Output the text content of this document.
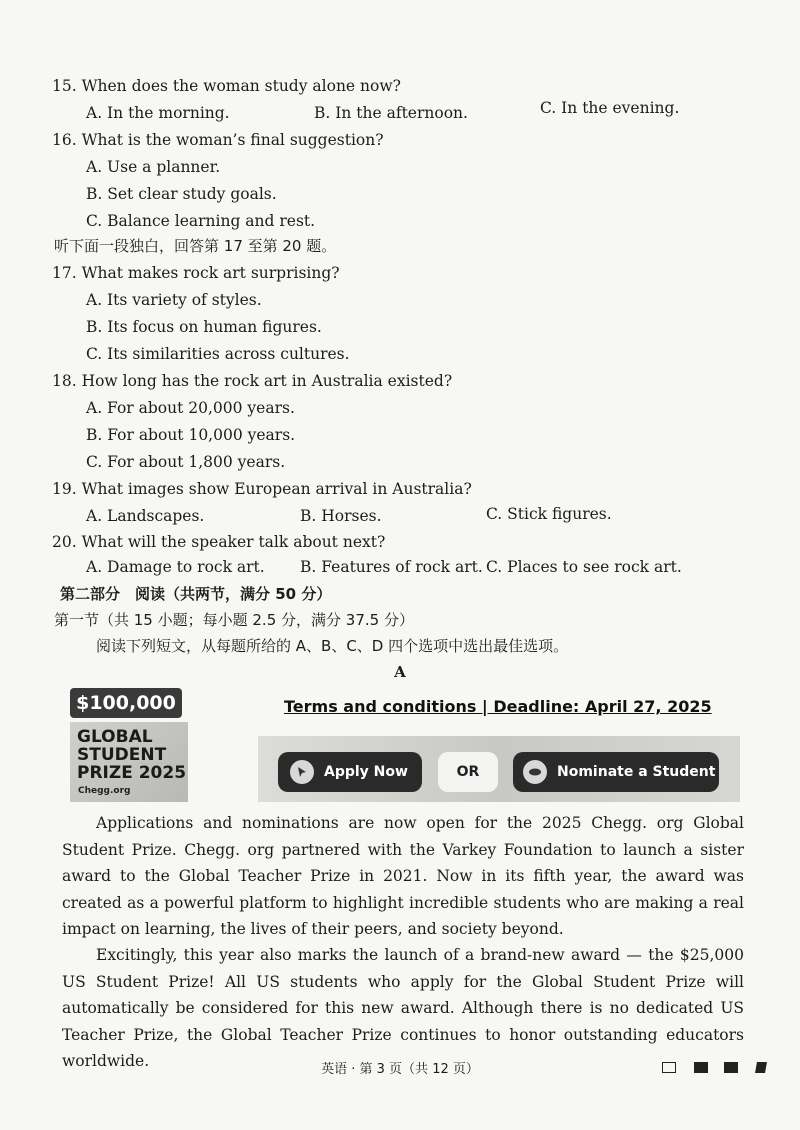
15. When does the woman study alone now?
A. In the morning.	B. In the afternoon.	C. In the evening.
16. What is the woman’s final suggestion?
A. Use a planner.
B. Set clear study goals.
C. Balance learning and rest.
听下面一段独白，回答第 17 至第 20 题。
17. What makes rock art surprising?
A. Its variety of styles.
B. Its focus on human figures.
C. Its similarities across cultures.
18. How long has the rock art in Australia existed?
A. For about 20,000 years.
B. For about 10,000 years.
C. For about 1,800 years.
19. What images show European arrival in Australia?
A. Landscapes.	B. Horses.	C. Stick figures.
20. What will the speaker talk about next?
A. Damage to rock art. B. Features of rock art. C. Places to see rock art.
第二部分　阅读（共两节，满分 50 分）
第一节（共 15 小题；每小题 2.5 分，满分 37.5 分）
阅读下列短文，从每题所给的 A、B、C、D 四个选项中选出最佳选项。
A
$100,000
GLOBAL
STUDENT
PRIZE 2025
Chegg.org
Terms and conditions | Deadline: April 27, 2025
Apply Now	OR	Nominate a Student
Applications and nominations are now open for the 2025 Chegg. org Global Student Prize. Chegg. org partnered with the Varkey Foundation to launch a sister award to the Global Teacher Prize in 2021. Now in its fifth year, the award was created as a powerful platform to highlight incredible students who are making a real impact on learning, the lives of their peers, and society beyond.
Excitingly, this year also marks the launch of a brand-new award — the $25,000 US Student Prize! All US students who apply for the Global Student Prize will automatically be considered for this new award. Although there is no dedicated US Teacher Prize, the Global Teacher Prize continues to honor outstanding educators worldwide.	英语 · 第 3 页（共 12 页）
